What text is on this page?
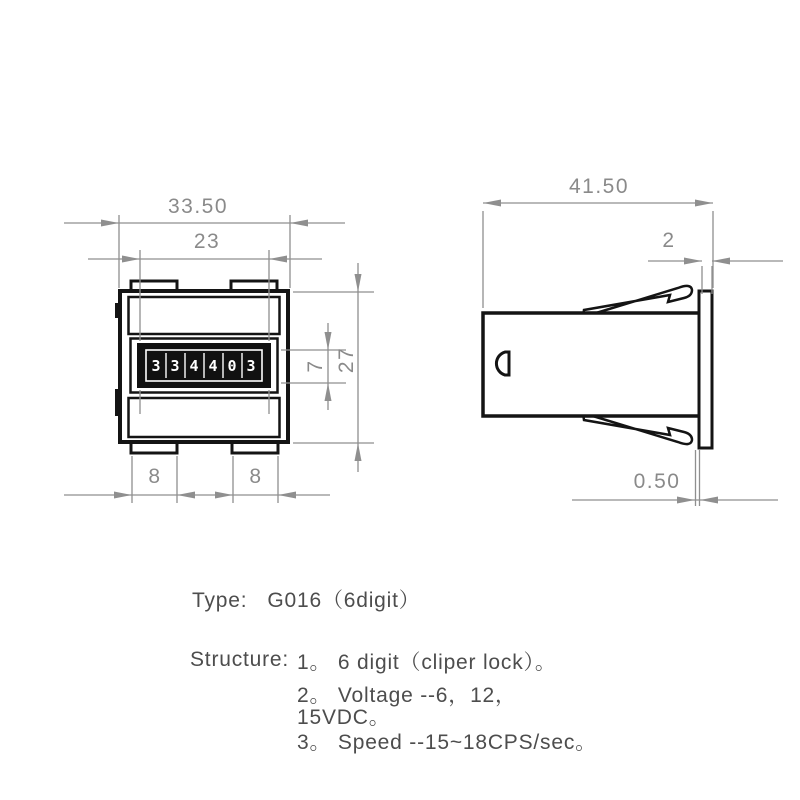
3 3 4 4 0 3
33.50
23
8	8
7 27
41.50
2
0.50
Type: G016（6digit）
Structure: 1。 6 digit（cliper lock）。
2。 Voltage --6，12，
15VDC。
3。 Speed --15~18CPS/sec。
